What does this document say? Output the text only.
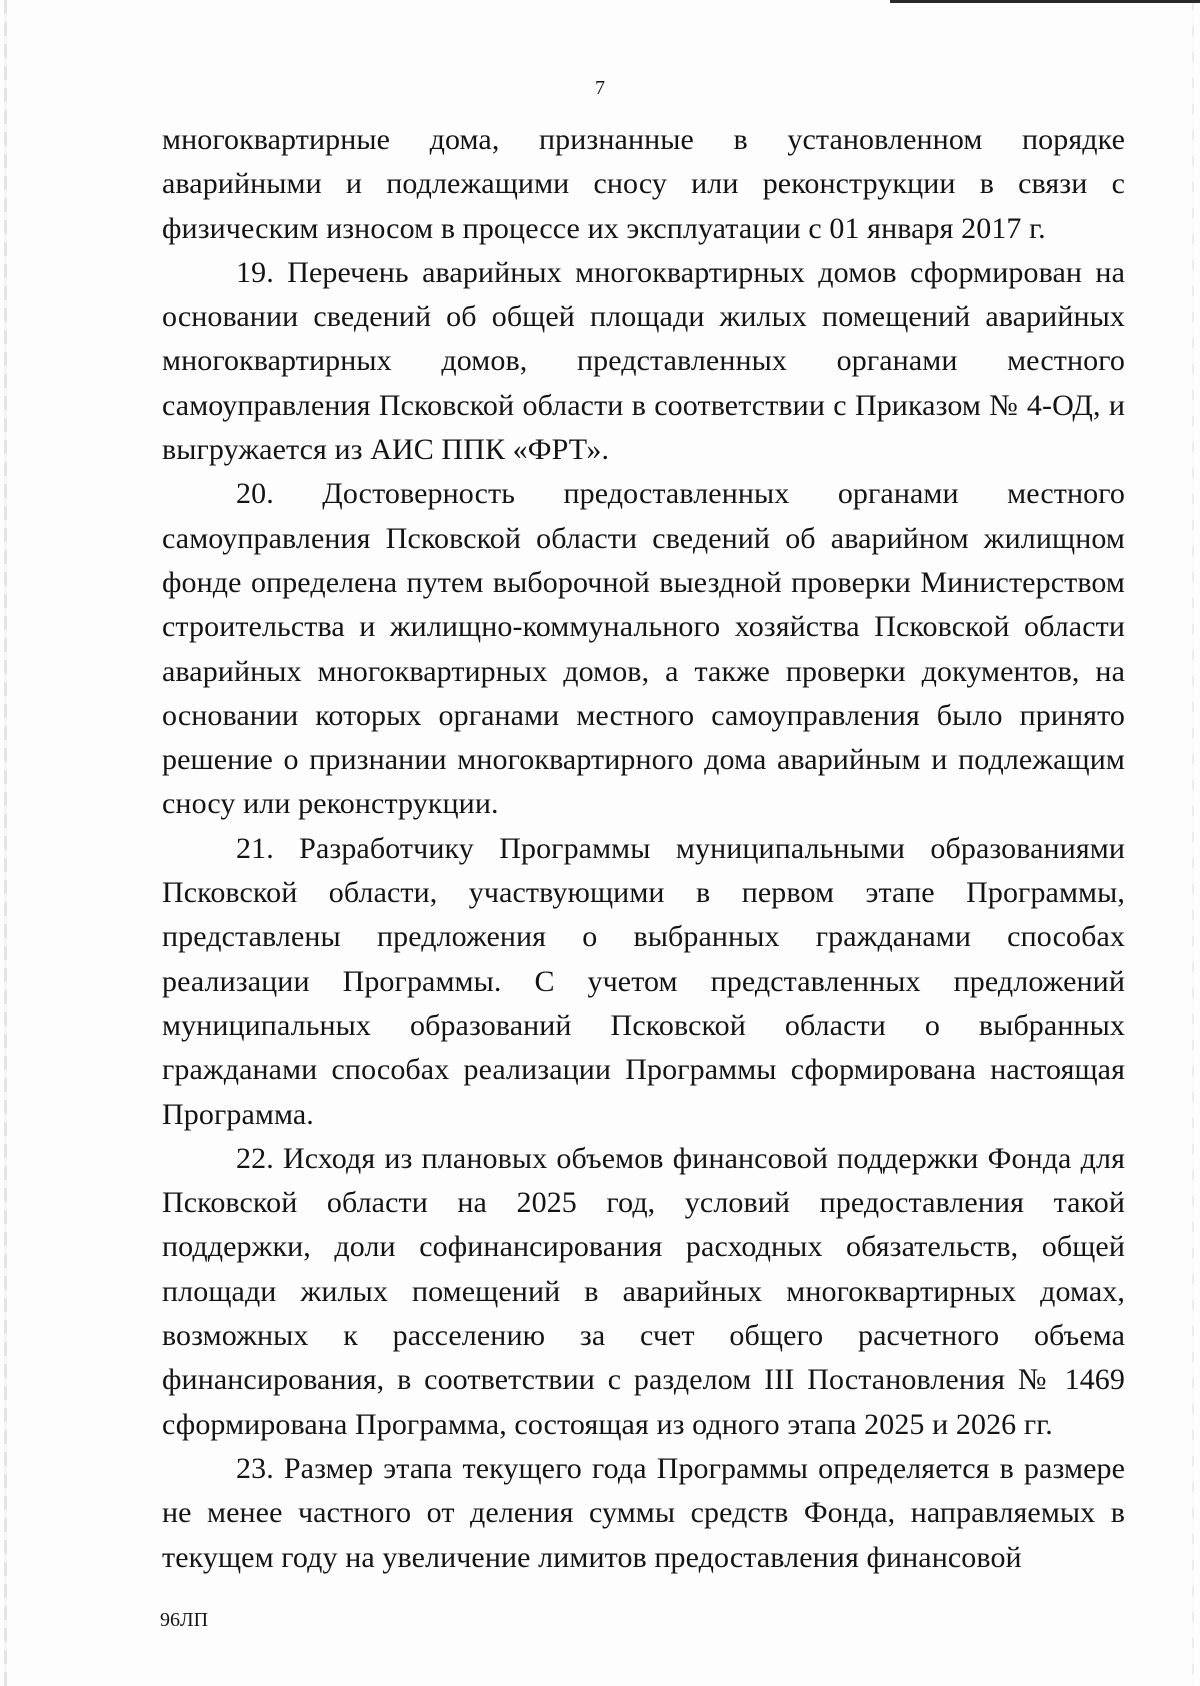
7

многоквартирные дома, признанные в установленном порядке аварийными и подлежащими сносу или реконструкции в связи с физическим износом в процессе их эксплуатации с 01 января 2017 г.

19. Перечень аварийных многоквартирных домов сформирован на основании сведений об общей площади жилых помещений аварийных многоквартирных домов, представленных органами местного самоуправления Псковской области в соответствии с Приказом № 4-ОД, и выгружается из АИС ППК «ФРТ».

20. Достоверность предоставленных органами местного самоуправления Псковской области сведений об аварийном жилищном фонде определена путем выборочной выездной проверки Министерством строительства и жилищно-коммунального хозяйства Псковской области аварийных многоквартирных домов, а также проверки документов, на основании которых органами местного самоуправления было принято решение о признании многоквартирного дома аварийным и подлежащим сносу или реконструкции.

21. Разработчику Программы муниципальными образованиями Псковской области, участвующими в первом этапе Программы, представлены предложения о выбранных гражданами способах реализации Программы. С учетом представленных предложений муниципальных образований Псковской области о выбранных гражданами способах реализации Программы сформирована настоящая Программа.

22. Исходя из плановых объемов финансовой поддержки Фонда для Псковской области на 2025 год, условий предоставления такой поддержки, доли софинансирования расходных обязательств, общей площади жилых помещений в аварийных многоквартирных домах, возможных к расселению за счет общего расчетного объема финансирования, в соответствии с разделом III Постановления № 1469 сформирована Программа, состоящая из одного этапа 2025 и 2026 гг.

23. Размер этапа текущего года Программы определяется в размере не менее частного от деления суммы средств Фонда, направляемых в текущем году на увеличение лимитов предоставления финансовой

96ЛП
